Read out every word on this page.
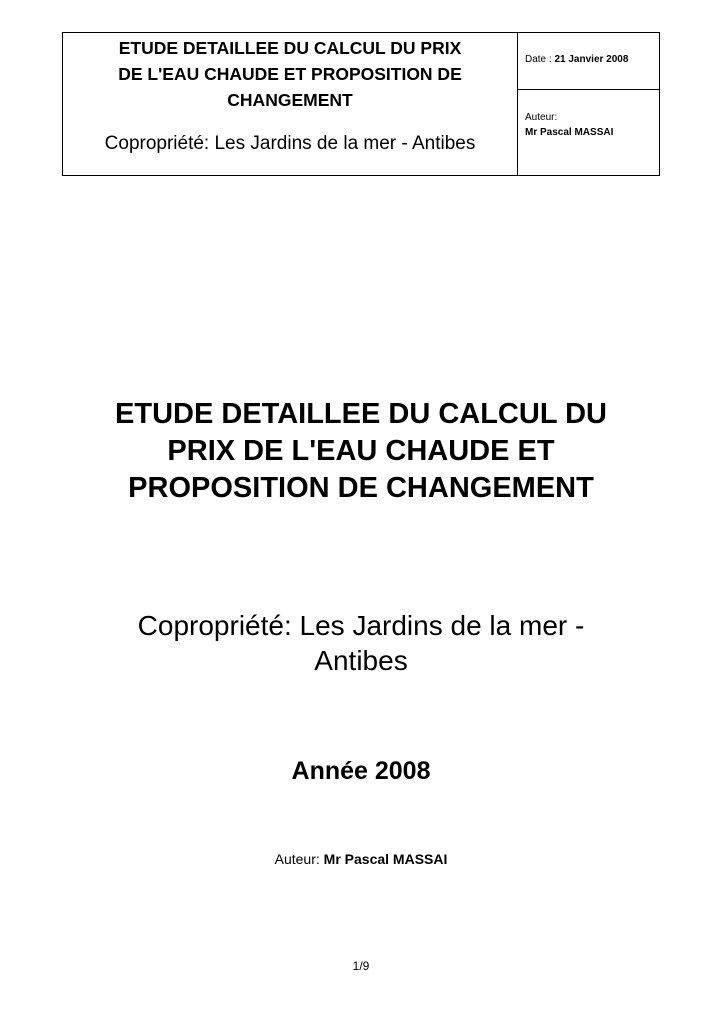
ETUDE DETAILLEE DU CALCUL DU PRIX
DE L'EAU CHAUDE ET PROPOSITION DE
CHANGEMENT
Copropriété: Les Jardins de la mer - Antibes
Date : 21 Janvier 2008
Auteur:
Mr Pascal MASSAI
ETUDE DETAILLEE DU CALCUL DU
PRIX DE L'EAU CHAUDE ET
PROPOSITION DE CHANGEMENT
Copropriété: Les Jardins de la mer -
Antibes
Année 2008
Auteur: Mr Pascal MASSAI
1/9
